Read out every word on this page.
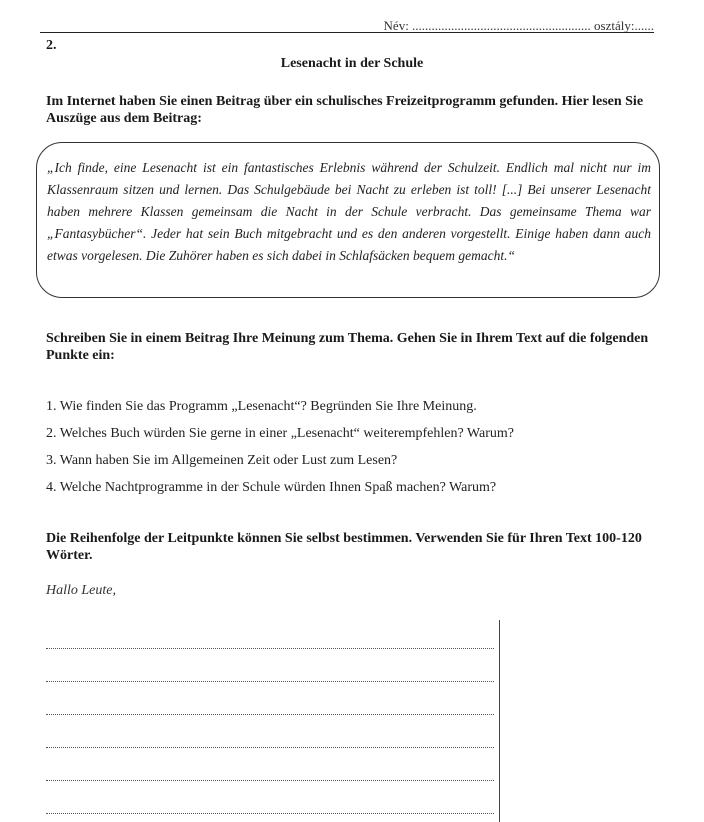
Név: ....................................................... osztály:......
2.
Lesenacht in der Schule
Im Internet haben Sie einen Beitrag über ein schulisches Freizeitprogramm gefunden. Hier lesen Sie Auszüge aus dem Beitrag:
„Ich finde, eine Lesenacht ist ein fantastisches Erlebnis während der Schulzeit. Endlich mal nicht nur im Klassenraum sitzen und lernen. Das Schulgebäude bei Nacht zu erleben ist toll! [...] Bei unserer Lesenacht haben mehrere Klassen gemeinsam die Nacht in der Schule verbracht. Das gemeinsame Thema war „Fantasybücher“. Jeder hat sein Buch mitgebracht und es den anderen vorgestellt. Einige haben dann auch etwas vorgelesen. Die Zuhörer haben es sich dabei in Schlafsäcken bequem gemacht.“
Schreiben Sie in einem Beitrag Ihre Meinung zum Thema. Gehen Sie in Ihrem Text auf die folgenden Punkte ein:
1. Wie finden Sie das Programm „Lesenacht“? Begründen Sie Ihre Meinung.
2. Welches Buch würden Sie gerne in einer „Lesenacht“ weiterempfehlen? Warum?
3. Wann haben Sie im Allgemeinen Zeit oder Lust zum Lesen?
4. Welche Nachtprogramme in der Schule würden Ihnen Spaß machen? Warum?
Die Reihenfolge der Leitpunkte können Sie selbst bestimmen. Verwenden Sie für Ihren Text 100-120 Wörter.
Hallo Leute,
